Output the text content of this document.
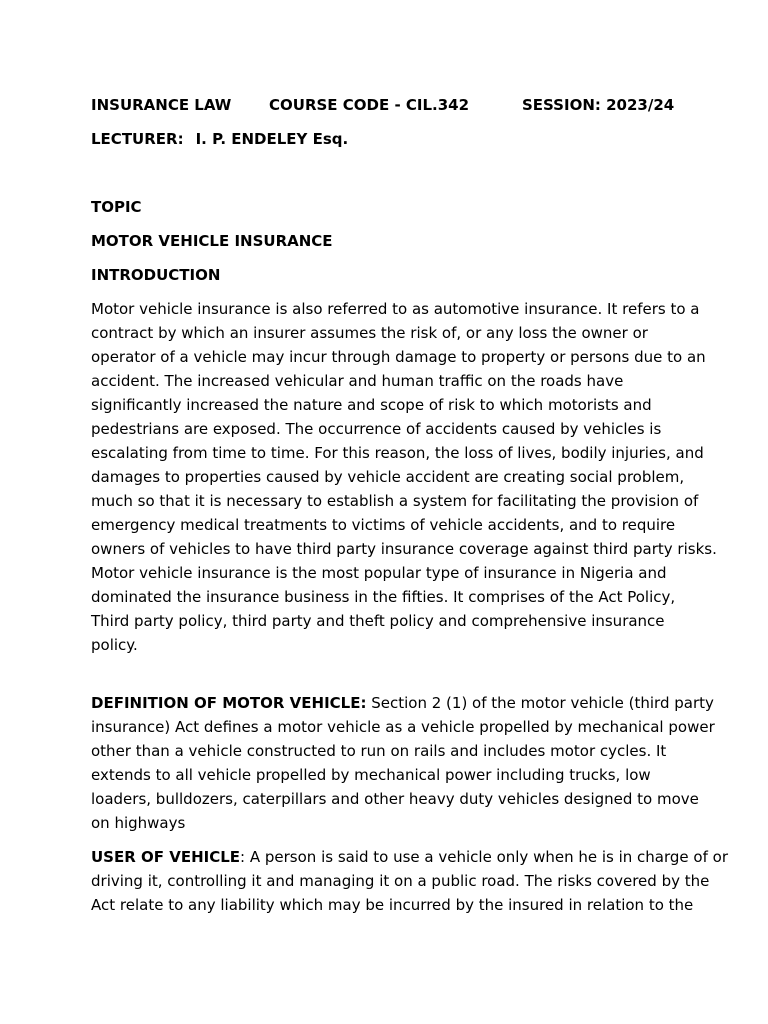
INSURANCE LAW	COURSE CODE - CIL.342	SESSION: 2023/24
LECTURER: I. P. ENDELEY Esq.
TOPIC
MOTOR VEHICLE INSURANCE
INTRODUCTION
Motor vehicle insurance is also referred to as automotive insurance. It refers to a
contract by which an insurer assumes the risk of, or any loss the owner or
operator of a vehicle may incur through damage to property or persons due to an
accident. The increased vehicular and human traffic on the roads have
significantly increased the nature and scope of risk to which motorists and
pedestrians are exposed. The occurrence of accidents caused by vehicles is
escalating from time to time. For this reason, the loss of lives, bodily injuries, and
damages to properties caused by vehicle accident are creating social problem,
much so that it is necessary to establish a system for facilitating the provision of
emergency medical treatments to victims of vehicle accidents, and to require
owners of vehicles to have third party insurance coverage against third party risks.
Motor vehicle insurance is the most popular type of insurance in Nigeria and
dominated the insurance business in the fifties. It comprises of the Act Policy,
Third party policy, third party and theft policy and comprehensive insurance
policy.
DEFINITION OF MOTOR VEHICLE: Section 2 (1) of the motor vehicle (third party
insurance) Act defines a motor vehicle as a vehicle propelled by mechanical power
other than a vehicle constructed to run on rails and includes motor cycles. It
extends to all vehicle propelled by mechanical power including trucks, low
loaders, bulldozers, caterpillars and other heavy duty vehicles designed to move
on highways
USER OF VEHICLE: A person is said to use a vehicle only when he is in charge of or
driving it, controlling it and managing it on a public road. The risks covered by the
Act relate to any liability which may be incurred by the insured in relation to the
